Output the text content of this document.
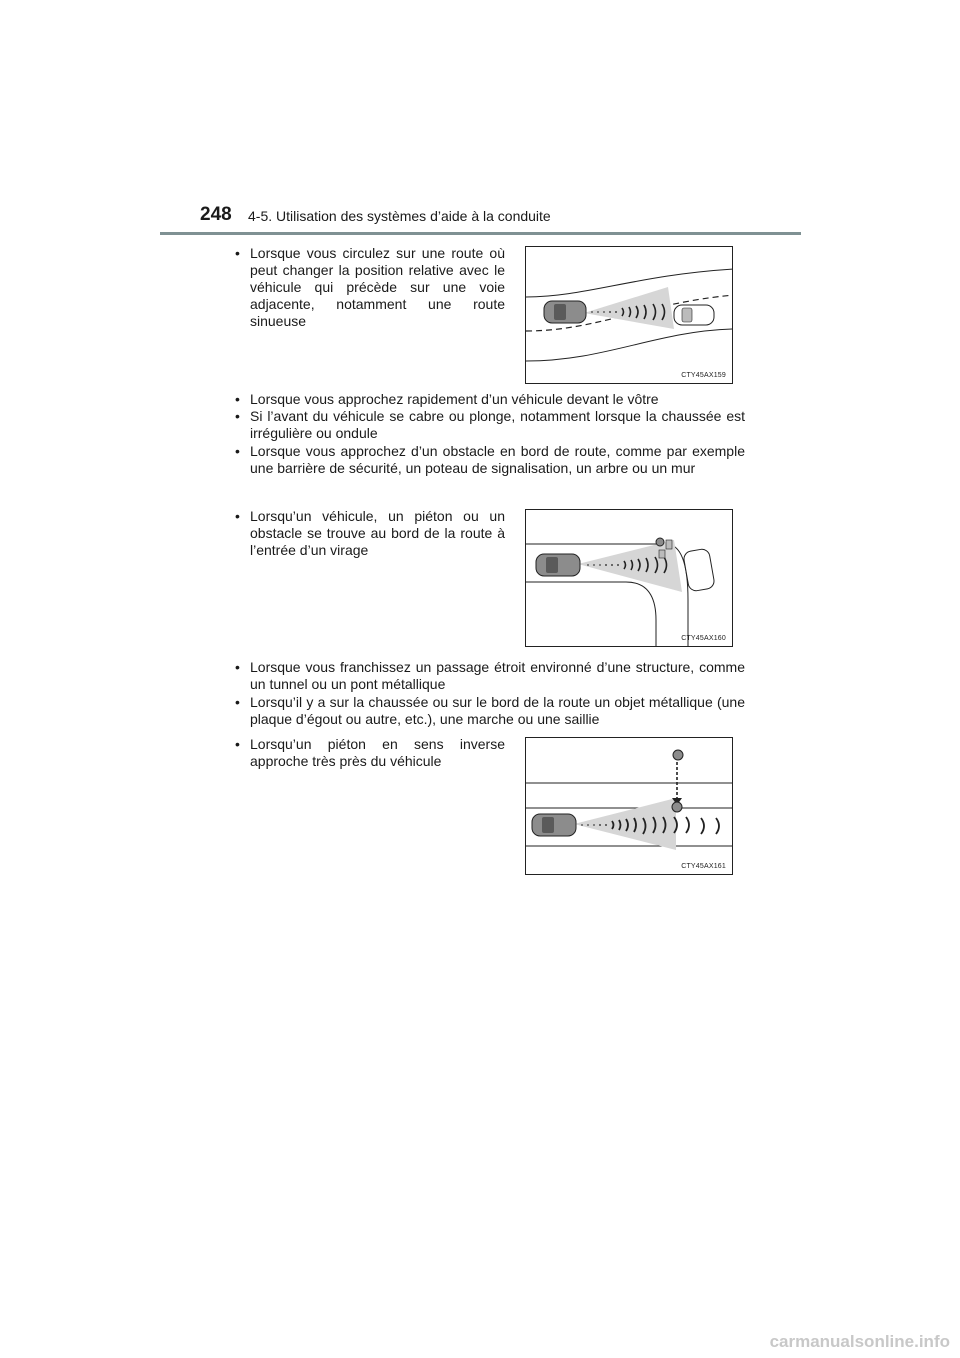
248 4-5. Utilisation des systèmes d’aide à la conduite
• Lorsque vous circulez sur une route où peut changer la position relative avec le véhicule qui précède sur une voie adjacente, notamment une route sinueuse
CTY45AX159
• Lorsque vous approchez rapidement d’un véhicule devant le vôtre
• Si l’avant du véhicule se cabre ou plonge, notamment lorsque la chaussée est irrégulière ou ondule
• Lorsque vous approchez d’un obstacle en bord de route, comme par exemple une barrière de sécurité, un poteau de signalisation, un arbre ou un mur
• Lorsqu’un véhicule, un piéton ou un obstacle se trouve au bord de la route à l’entrée d’un virage
CTY45AX160
• Lorsque vous franchissez un passage étroit environné d’une structure, comme un tunnel ou un pont métallique
• Lorsqu’il y a sur la chaussée ou sur le bord de la route un objet métallique (une plaque d’égout ou autre, etc.), une marche ou une saillie
• Lorsqu’un piéton en sens inverse approche très près du véhicule
CTY45AX161
carmanualsonline.info
